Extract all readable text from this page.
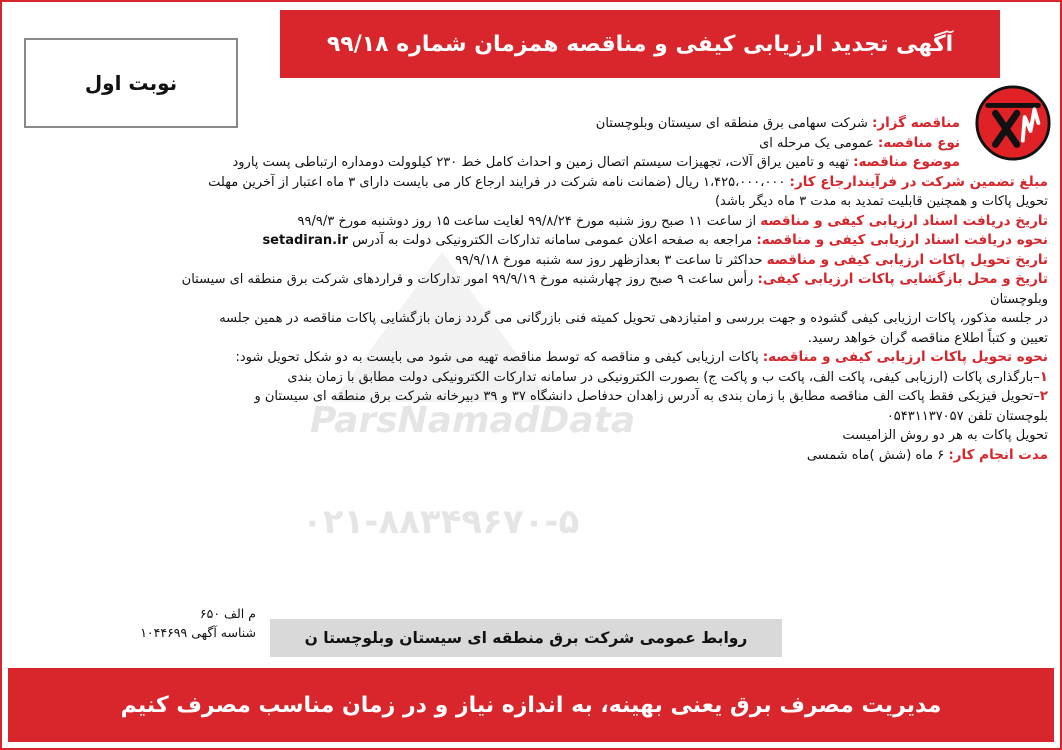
ParsNamadData
۰۲۱-۸۸۳۴۹۶۷۰-۵
آگهی تجدید ارزیابی کیفی و مناقصه همزمان شماره ۹۹/۱۸
نوبت اول

مناقصه گزار: شرکت سهامی برق منطقه ای سیستان وبلوچستان

نوع مناقصه: عمومی یک مرحله ای

موضوع مناقصه: تهیه و تامین یراق آلات، تجهیزات سیستم اتصال زمین و احداث کامل خط ۲۳۰ کیلوولت دومداره ارتباطی پست پارود

مبلغ تضمین شرکت در فرآیندارجاع کار: ۱،۴۲۵،۰۰۰،۰۰۰ ریال (ضمانت نامه شرکت در فرایند ارجاع کار می بایست دارای ۳ ماه اعتبار از آخرین مهلت

تحویل پاکات و همچنین قابلیت تمدید به مدت ۳ ماه دیگر باشد)

تاریخ دریافت اسناد ارزیابی کیفی و مناقصه از ساعت ۱۱ صبح روز شنبه مورخ ۹۹/۸/۲۴ لغایت ساعت ۱۵ روز دوشنبه مورخ ۹۹/۹/۳

نحوه دریافت اسناد ارزیابی کیفی و مناقصه: مراجعه به صفحه اعلان عمومی سامانه تدارکات الکترونیکی دولت به آدرس setadiran.ir

تاریخ تحویل پاکات ارزیابی کیفی و مناقصه حداکثر تا ساعت ۳ بعدازظهر روز سه شنبه مورخ ۹۹/۹/۱۸

تاریخ و محل بازگشایی پاکات ارزیابی کیفی: رأس ساعت ۹ صبح روز چهارشنبه مورخ ۹۹/۹/۱۹ امور تدارکات و قراردهای شرکت برق منطقه ای سیستان

وبلوچستان

در جلسه مذکور، پاکات ارزیابی کیفی گشوده و جهت بررسی و امتیازدهی تحویل کمیته فنی بازرگانی می گردد زمان بازگشایی پاکات مناقصه در همین جلسه

تعیین و کتباً اطلاع مناقصه گران خواهد رسید.

نحوه تحویل پاکات ارزیابی کیفی و مناقصه: پاکات ارزیابی کیفی و مناقصه که توسط مناقصه تهیه می شود می بایست به دو شکل تحویل شود:

۱–بارگذاری پاکات (ارزیابی کیفی، پاکت الف، پاکت ب و پاکت ج) بصورت الکترونیکی در سامانه تدارکات الکترونیکی دولت مطابق با زمان بندی

۲–تحویل فیزیکی فقط پاکت الف مناقصه مطابق با زمان بندی به آدرس زاهدان حدفاصل دانشگاه ۳۷ و ۳۹ دبیرخانه شرکت برق منطقه ای سیستان و

بلوچستان تلفن ۰۵۴۳۱۱۳۷۰۵۷

تحویل پاکات به هر دو روش الزامیست

مدت انجام کار: ۶ ماه (شش )ماه شمسی

م الف ۶۵۰
شناسه آگهی ۱۰۴۴۶۹۹	روابط عمومی شرکت برق منطقه ای سیستان وبلوچستا ن
مدیریت مصرف برق یعنی بهینه، به اندازه نیاز و در زمان مناسب مصرف کنیم
